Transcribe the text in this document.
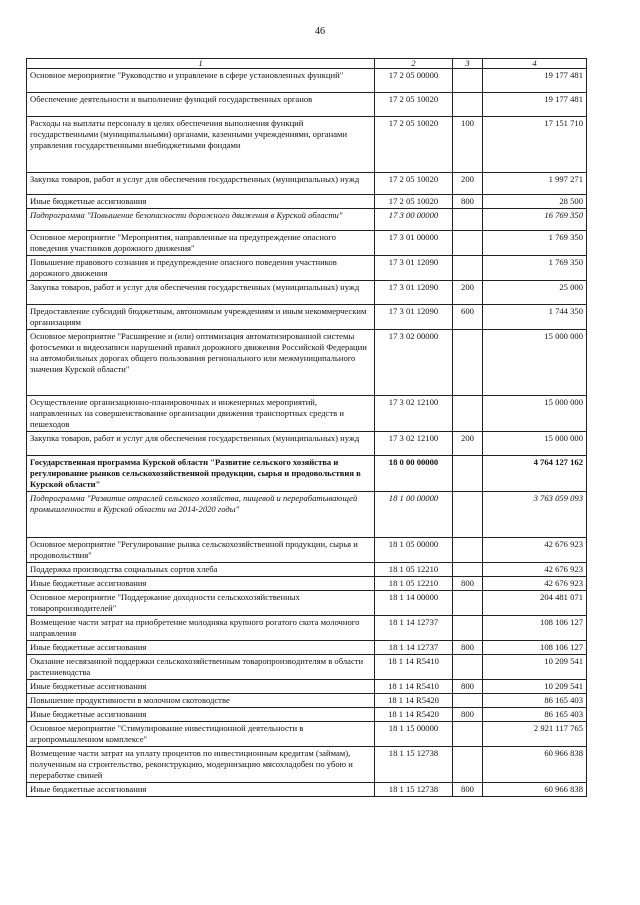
46
1	2	3	4
Основное мероприятие "Руководство и управление в сфере установленных функций"	17 2 05 00000		19 177 481
Обеспечение деятельности и выполнение функций государственных органов	17 2 05 10020		19 177 481
Расходы на выплаты персоналу в целях обеспечения выполнения функций государственными (муниципальными) органами, казенными учреждениями, органами управления государственными внебюджетными фондами	17 2 05 10020	100	17 151 710
Закупка товаров, работ и услуг для обеспечения государственных (муниципальных) нужд	17 2 05 10020	200	1 997 271
Иные бюджетные ассигнования	17 2 05 10020	800	28 500
Подпрограмма "Повышение безопасности дорожного движения в Курской области"	17 3 00 00000		16 769 350
Основное мероприятие "Мероприятия, направленные на предупреждение опасного поведения участников дорожного движения"	17 3 01 00000		1 769 350
Повышение правового сознания и предупреждение опасного поведения участников дорожного движения	17 3 01 12090		1 769 350
Закупка товаров, работ и услуг для обеспечения государственных (муниципальных) нужд	17 3 01 12090	200	25 000
Предоставление субсидий бюджетным, автономным учреждениям и иным некоммерческим организациям	17 3 01 12090	600	1 744 350
Основное мероприятие "Расширение и (или) оптимизация автоматизированной системы фотосъемки и видеозаписи нарушений правил дорожного движения Российской Федерации на автомобильных дорогах общего пользования регионального или межмуниципального значения Курской области"	17 3 02 00000		15 000 000
Осуществление организационно-планировочных и инженерных мероприятий, направленных на совершенствование организации движения транспортных средств и пешеходов	17 3 02 12100		15 000 000
Закупка товаров, работ и услуг для обеспечения государственных (муниципальных) нужд	17 3 02 12100	200	15 000 000
Государственная программа Курской области "Развитие сельского хозяйства и регулирование рынков сельскохозяйственной продукции, сырья и продовольствия в Курской области"	18 0 00 00000		4 764 127 162
Подпрограмма "Развитие отраслей сельского хозяйства, пищевой и перерабатывающей промышленности в Курской области на 2014-2020 годы"	18 1 00 00000		3 763 059 093
Основное мероприятие "Регулирование рынка сельскохозяйственной продукции, сырья и продовольствия"	18 1 05 00000		42 676 923
Поддержка производства социальных сортов хлеба	18 1 05 12210		42 676 923
Иные бюджетные ассигнования	18 1 05 12210	800	42 676 923
Основное мероприятие "Поддержание доходности сельскохозяйственных товаропроизводителей"	18 1 14 00000		204 481 071
Возмещение части затрат на приобретение молодняка крупного рогатого скота молочного направления	18 1 14 12737		108 106 127
Иные бюджетные ассигнования	18 1 14 12737	800	108 106 127
Оказание несвязанной поддержки сельскохозяйственным товаропроизводителям в области растениеводства	18 1 14 R5410		10 209 541
Иные бюджетные ассигнования	18 1 14 R5410	800	10 209 541
Повышение продуктивности в молочном скотоводстве	18 1 14 R5420		86 165 403
Иные бюджетные ассигнования	18 1 14 R5420	800	86 165 403
Основное мероприятие "Стимулирование инвестиционной деятельности в агропромышленном комплексе"	18 1 15 00000		2 921 117 765
Возмещение части затрат на уплату процентов по инвестиционным кредитам (займам), полученным на строительство, реконструкцию, модернизацию мясохладобен по убою и переработке свиней	18 1 15 12738		60 966 838
Иные бюджетные ассигнования	18 1 15 12738	800	60 966 838
